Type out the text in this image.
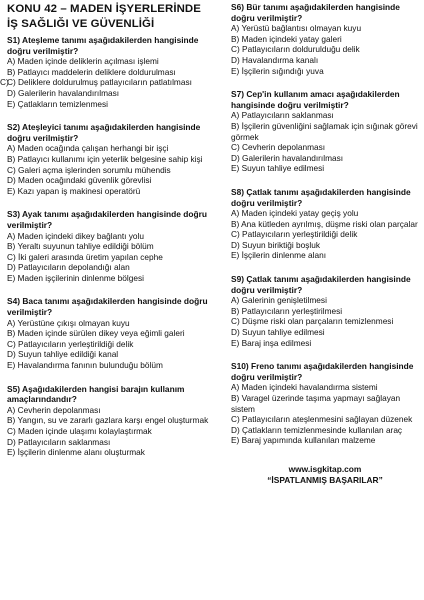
KONU 42 – MADEN İŞYERLERİNDE İŞ SAĞLIĞI VE GÜVENLİĞİ

S1) Ateşleme tanımı aşağıdakilerden hangisinde doğru verilmiştir?

A) Maden içinde deliklerin açılması işlemi
B) Patlayıcı maddelerin deliklere doldurulması
C) Deliklere doldurulmuş patlayıcıların patlatılması
C)
D) Galerilerin havalandırılması
E) Çatlakların temizlenmesi

S2) Ateşleyici tanımı aşağıdakilerden hangisinde doğru verilmiştir?

A) Maden ocağında çalışan herhangi bir işçi
B) Patlayıcı kullanımı için yeterlik belgesine sahip kişi
C) Galeri açma işlerinden sorumlu mühendis
D) Maden ocağındaki güvenlik görevlisi
E) Kazı yapan iş makinesi operatörü

S3) Ayak tanımı aşağıdakilerden hangisinde doğru verilmiştir?

A) Maden içindeki dikey bağlantı yolu
B) Yeraltı suyunun tahliye edildiği bölüm
C) İki galeri arasında üretim yapılan cephe
D) Patlayıcıların depolandığı alan
E) Maden işçilerinin dinlenme bölgesi

S4) Baca tanımı aşağıdakilerden hangisinde doğru verilmiştir?

A) Yerüstüne çıkışı olmayan kuyu
B) Maden içinde sürülen dikey veya eğimli galeri
C) Patlayıcıların yerleştirildiği delik
D) Suyun tahliye edildiği kanal
E) Havalandırma fanının bulunduğu bölüm

S5) Aşağıdakilerden hangisi barajın kullanım amaçlarındandır?

A) Cevherin depolanması
B) Yangın, su ve zararlı gazlara karşı engel oluşturmak
C) Maden içinde ulaşımı kolaylaştırmak
D) Patlayıcıların saklanması
E) İşçilerin dinlenme alanı oluşturmak

S6) Bür tanımı aşağıdakilerden hangisinde doğru verilmiştir?

A) Yerüstü bağlantısı olmayan kuyu
B) Maden içindeki yatay galeri
C) Patlayıcıların doldurulduğu delik
D) Havalandırma kanalı
E) İşçilerin sığındığı yuva

S7) Cep'in kullanım amacı aşağıdakilerden hangisinde doğru verilmiştir?

A) Patlayıcıların saklanması
B) İşçilerin güvenliğini sağlamak için sığınak görevi görmek
C) Cevherin depolanması
D) Galerilerin havalandırılması
E) Suyun tahliye edilmesi

S8) Çatlak tanımı aşağıdakilerden hangisinde doğru verilmiştir?

A) Maden içindeki yatay geçiş yolu
B) Ana kütleden ayrılmış, düşme riski olan parçalar
C) Patlayıcıların yerleştirildiği delik
D) Suyun biriktiği boşluk
E) İşçilerin dinlenme alanı

S9) Çatlak tanımı aşağıdakilerden hangisinde doğru verilmiştir?

A) Galerinin genişletilmesi
B) Patlayıcıların yerleştirilmesi
C) Düşme riski olan parçaların temizlenmesi
D) Suyun tahliye edilmesi
E) Baraj inşa edilmesi

S10) Freno tanımı aşağıdakilerden hangisinde doğru verilmiştir?

A) Maden içindeki havalandırma sistemi
B) Varagel üzerinde taşıma yapmayı sağlayan sistem
C) Patlayıcıların ateşlenmesini sağlayan düzenek
D) Çatlakların temizlenmesinde kullanılan araç
E) Baraj yapımında kullanılan malzeme

www.isgkitap.com

“İSPATLANMIŞ BAŞARILAR”
